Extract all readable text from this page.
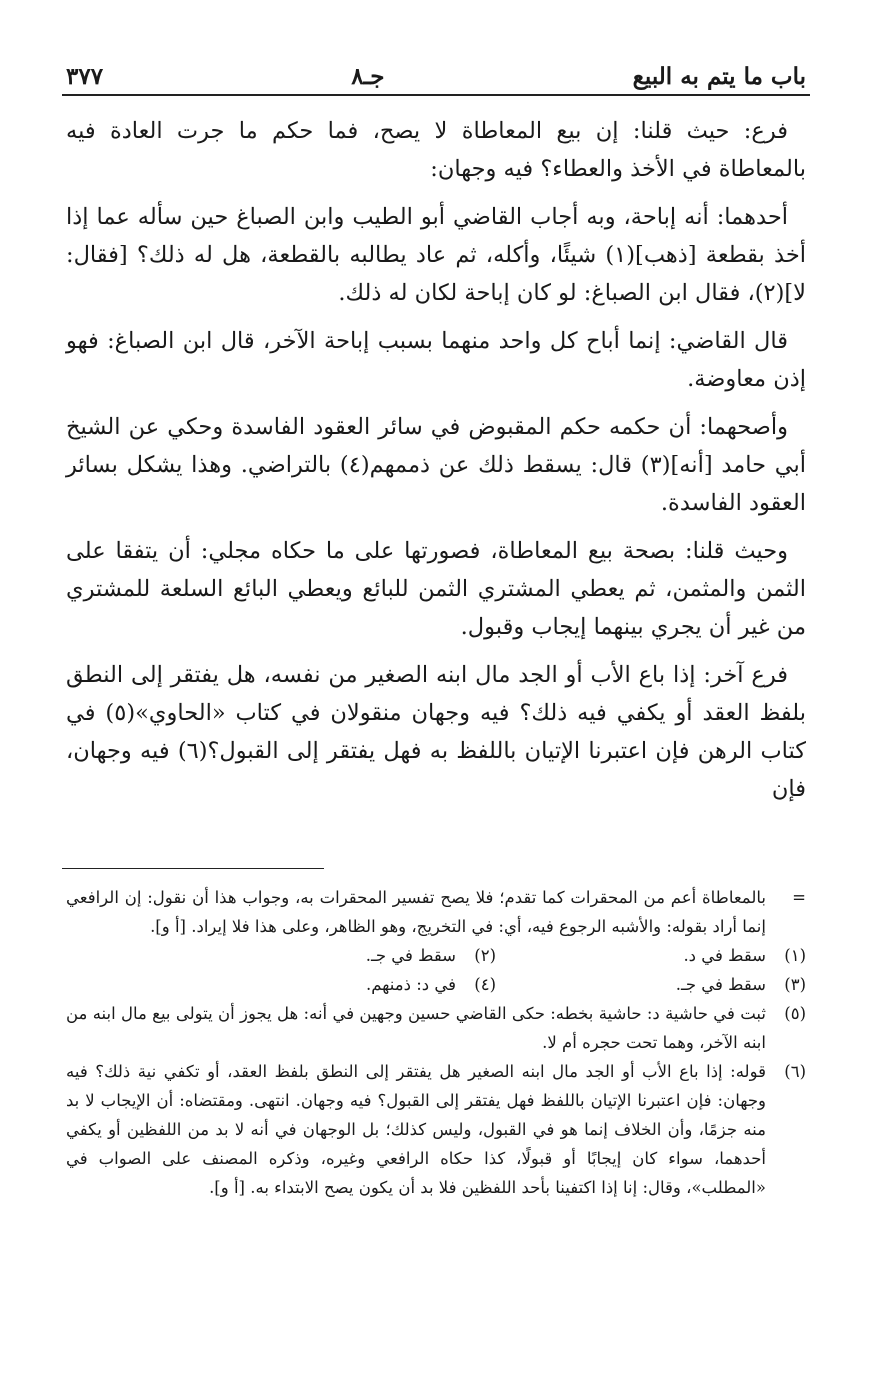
باب ما يتم به البيع
جـ٨
٣٧٧

فرع: حيث قلنا: إن بيع المعاطاة لا يصح، فما حكم ما جرت العادة فيه بالمعاطاة في الأخذ والعطاء؟ فيه وجهان:

أحدهما: أنه إباحة، وبه أجاب القاضي أبو الطيب وابن الصباغ حين سأله عما إذا أخذ بقطعة [ذهب](١) شيئًا، وأكله، ثم عاد يطالبه بالقطعة، هل له ذلك؟ [فقال: لا](٢)، فقال ابن الصباغ: لو كان إباحة لكان له ذلك.

قال القاضي: إنما أباح كل واحد منهما بسبب إباحة الآخر، قال ابن الصباغ: فهو إذن معاوضة.

وأصحهما: أن حكمه حكم المقبوض في سائر العقود الفاسدة وحكي عن الشيخ أبي حامد [أنه](٣) قال: يسقط ذلك عن ذممهم(٤) بالتراضي. وهذا يشكل بسائر العقود الفاسدة.

وحيث قلنا: بصحة بيع المعاطاة، فصورتها على ما حكاه مجلي: أن يتفقا على الثمن والمثمن، ثم يعطي المشتري الثمن للبائع ويعطي البائع السلعة للمشتري من غير أن يجري بينهما إيجاب وقبول.

فرع آخر: إذا باع الأب أو الجد مال ابنه الصغير من نفسه، هل يفتقر إلى النطق بلفظ العقد أو يكفي فيه ذلك؟ فيه وجهان منقولان في كتاب «الحاوي»(٥) في كتاب الرهن فإن اعتبرنا الإتيان باللفظ به فهل يفتقر إلى القبول؟(٦) فيه وجهان، فإن

=
بالمعاطاة أعم من المحقرات كما تقدم؛ فلا يصح تفسير المحقرات به، وجواب هذا أن نقول: إن الرافعي إنما أراد بقوله: والأشبه الرجوع فيه، أي: في التخريج، وهو الظاهر، وعلى هذا فلا إيراد. [أ و].
(١)
سقط في د.
(٢)
سقط في جـ.
(٣)
سقط في جـ.
(٤)
في د: ذمنهم.
(٥)
ثبت في حاشية د: حاشية بخطه: حكى القاضي حسين وجهين في أنه: هل يجوز أن يتولى بيع مال ابنه من ابنه الآخر، وهما تحت حجره أم لا.
(٦)
قوله: إذا باع الأب أو الجد مال ابنه الصغير هل يفتقر إلى النطق بلفظ العقد، أو تكفي نية ذلك؟ فيه وجهان: فإن اعتبرنا الإتيان باللفظ فهل يفتقر إلى القبول؟ فيه وجهان. انتهى. ومقتضاه: أن الإيجاب لا بد منه جزمًا، وأن الخلاف إنما هو في القبول، وليس كذلك؛ بل الوجهان في أنه لا بد من اللفظين أو يكفي أحدهما، سواء كان إيجابًا أو قبولًا، كذا حكاه الرافعي وغيره، وذكره المصنف على الصواب في «المطلب»، وقال: إنا إذا اكتفينا بأحد اللفظين فلا بد أن يكون يصح الابتداء به. [أ و].
